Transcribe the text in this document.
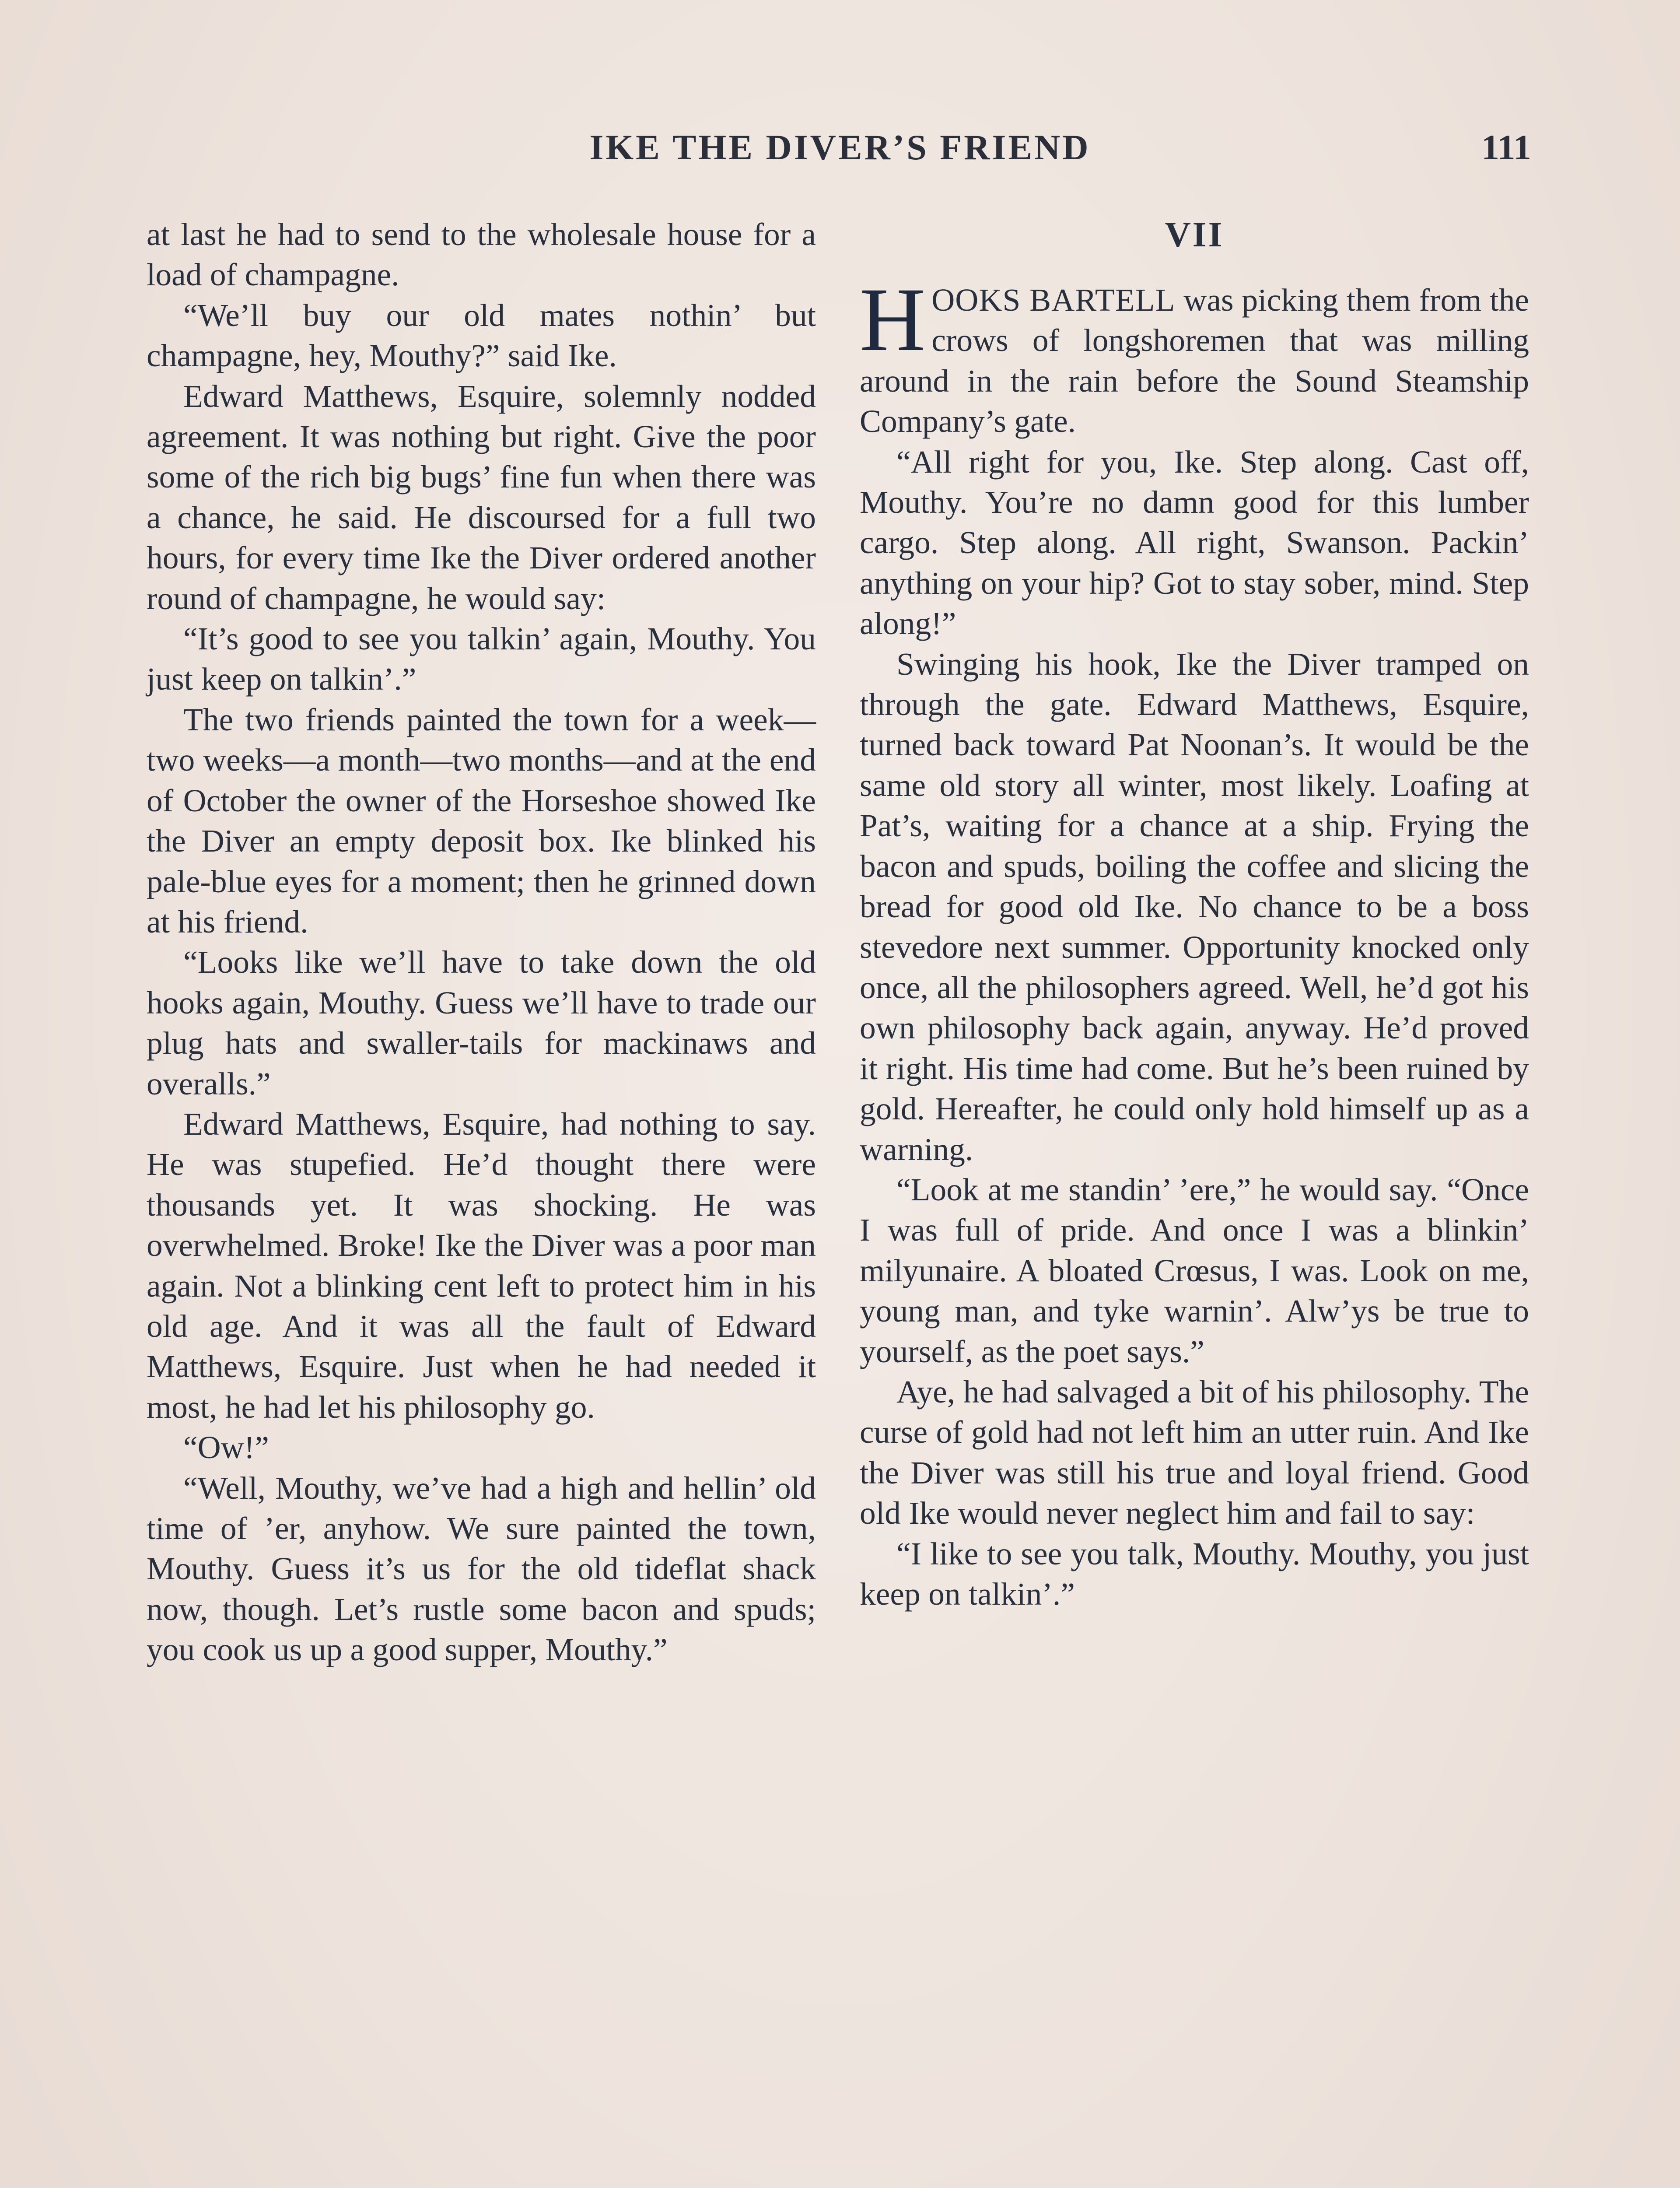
IKE THE DIVER’S FRIEND	111

at last he had to send to the wholesale house for a load of champagne.

“We’ll buy our old mates nothin’ but champagne, hey, Mouthy?” said Ike.

Edward Matthews, Esquire, solemnly nodded agreement. It was nothing but right. Give the poor some of the rich big bugs’ fine fun when there was a chance, he said. He discoursed for a full two hours, for every time Ike the Diver ordered another round of champagne, he would say:

“It’s good to see you talkin’ again, Mouthy. You just keep on talkin’.”

The two friends painted the town for a week—two weeks—a month—two months—and at the end of October the owner of the Horseshoe showed Ike the Diver an empty deposit box. Ike blinked his pale-blue eyes for a moment; then he grinned down at his friend.

“Looks like we’ll have to take down the old hooks again, Mouthy. Guess we’ll have to trade our plug hats and swaller-tails for mackinaws and overalls.”

Edward Matthews, Esquire, had nothing to say. He was stupefied. He’d thought there were thousands yet. It was shocking. He was overwhelmed. Broke! Ike the Diver was a poor man again. Not a blinking cent left to protect him in his old age. And it was all the fault of Edward Matthews, Esquire. Just when he had needed it most, he had let his philosophy go.

“Ow!”

“Well, Mouthy, we’ve had a high and hellin’ old time of ’er, anyhow. We sure painted the town, Mouthy. Guess it’s us for the old tideflat shack now, though. Let’s rustle some bacon and spuds; you cook us up a good supper, Mouthy.”

VII

HOOKS BARTELL was picking them from the crows of longshoremen that was milling around in the rain before the Sound Steamship Company’s gate.

“All right for you, Ike. Step along. Cast off, Mouthy. You’re no damn good for this lumber cargo. Step along. All right, Swanson. Packin’ anything on your hip? Got to stay sober, mind. Step along!”

Swinging his hook, Ike the Diver tramped on through the gate. Edward Matthews, Esquire, turned back toward Pat Noonan’s. It would be the same old story all winter, most likely. Loafing at Pat’s, waiting for a chance at a ship. Frying the bacon and spuds, boiling the coffee and slicing the bread for good old Ike. No chance to be a boss stevedore next summer. Opportunity knocked only once, all the philosophers agreed. Well, he’d got his own philosophy back again, anyway. He’d proved it right. His time had come. But he’s been ruined by gold. Hereafter, he could only hold himself up as a warning.

“Look at me standin’ ’ere,” he would say. “Once I was full of pride. And once I was a blinkin’ milyunaire. A bloated Crœsus, I was. Look on me, young man, and tyke warnin’. Alw’ys be true to yourself, as the poet says.”

Aye, he had salvaged a bit of his philosophy. The curse of gold had not left him an utter ruin. And Ike the Diver was still his true and loyal friend. Good old Ike would never neglect him and fail to say:

“I like to see you talk, Mouthy. Mouthy, you just keep on talkin’.”
